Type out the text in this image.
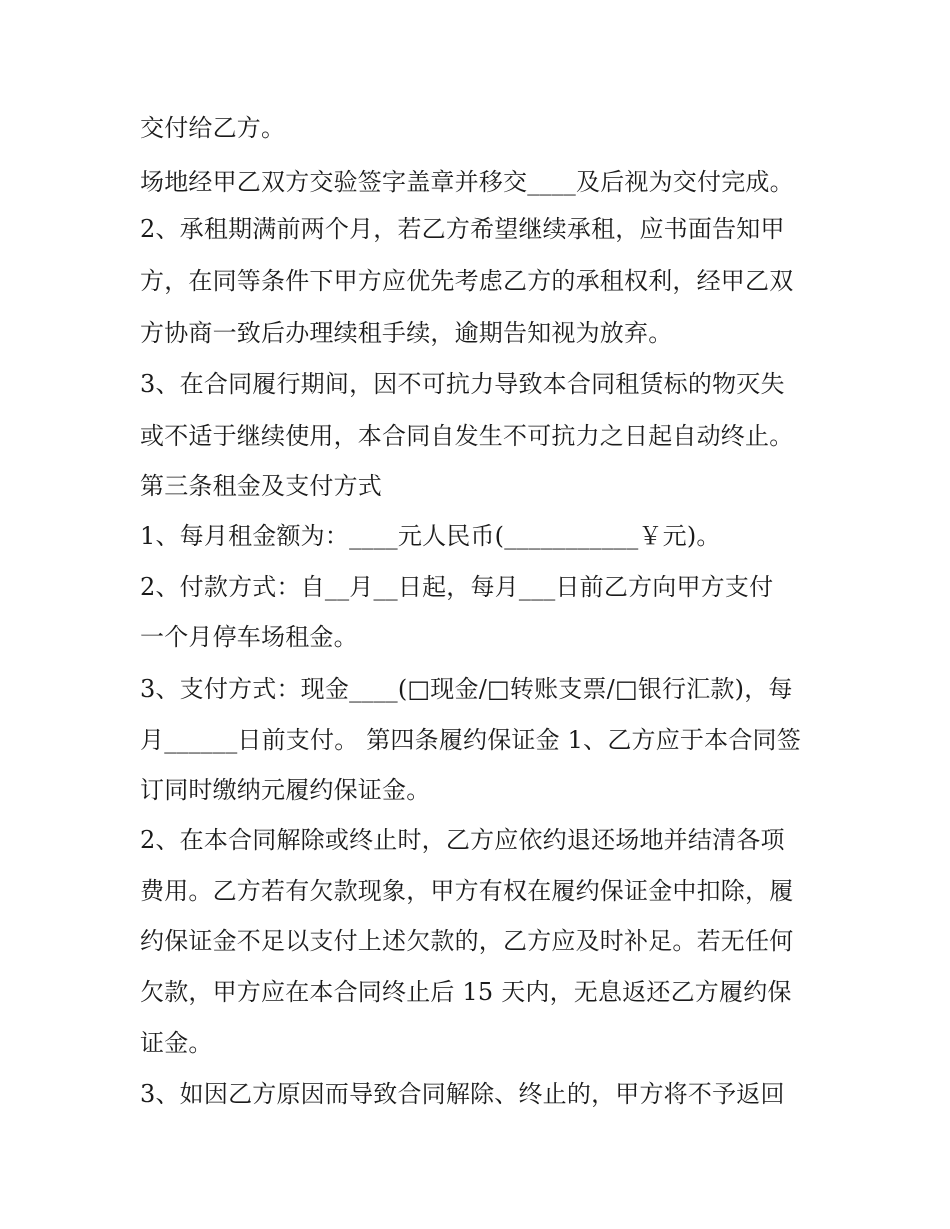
交付给乙方。
场地经甲乙双方交验签字盖章并移交____及后视为交付完成。
2、承租期满前两个月，若乙方希望继续承租，应书面告知甲
方，在同等条件下甲方应优先考虑乙方的承租权利，经甲乙双
方协商一致后办理续租手续，逾期告知视为放弃。
3、在合同履行期间，因不可抗力导致本合同租赁标的物灭失
或不适于继续使用，本合同自发生不可抗力之日起自动终止。
第三条租金及支付方式
1、每月租金额为：____元人民币(___________￥元)。
2、付款方式：自__月__日起，每月___日前乙方向甲方支付
一个月停车场租金。
3、支付方式：现金____(□现金/□转账支票/□银行汇款)，每
月______日前支付。 第四条履约保证金 1、乙方应于本合同签
订同时缴纳元履约保证金。
2、在本合同解除或终止时，乙方应依约退还场地并结清各项
费用。乙方若有欠款现象，甲方有权在履约保证金中扣除，履
约保证金不足以支付上述欠款的，乙方应及时补足。若无任何
欠款，甲方应在本合同终止后 15 天内，无息返还乙方履约保
证金。
3、如因乙方原因而导致合同解除、终止的，甲方将不予返回
